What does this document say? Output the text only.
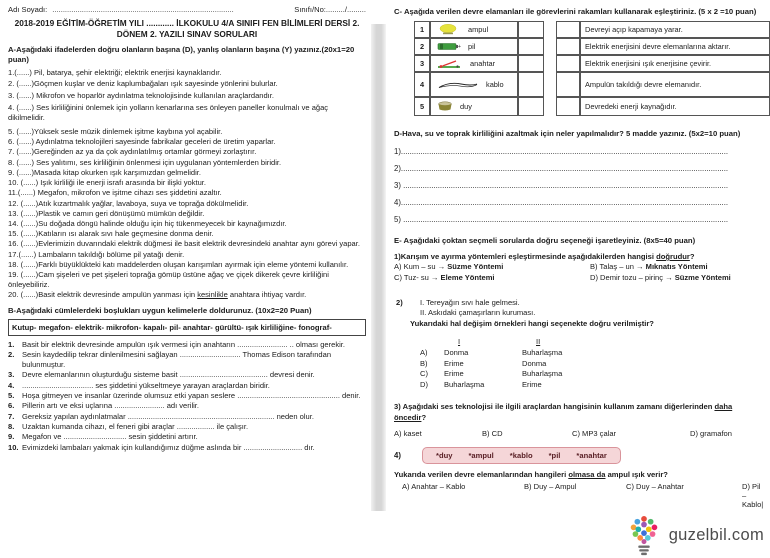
Adı Soyadı: ......................................................................................	Sınıfı/No: ........./.........
2018-2019 EĞİTİM-ÖĞRETİM YILI ............ İLKOKULU 4/A SINIFI FEN BİLİMLERİ DERSİ 2.
DÖNEM 2. YAZILI SINAV SORULARI
A-Aşağıdaki ifadelerden doğru olanların başına (D), yanlış olanların başına (Y) yazınız.(20x1=20 puan)
1.(......) Pil, batarya, şehir elektriği; elektrik enerjisi kaynaklarıdır.
2. (......)Göçmen kuşlar ve deniz kaplumbağaları ışık sayesinde yönlerini bulurlar.
3. (......) Mikrofon ve hoparlör aydınlatma teknolojisinde kullanılan araçlardandır.
4. (......) Ses kirliliğinini önlemek için yolların kenarlarına ses önleyen paneller konulmalı ve ağaç dikilmelidir.
5. (......)Yüksek sesle müzik dinlemek işitme kaybına yol açabilir.
6. (......) Aydınlatma teknolojileri sayesinde fabrikalar geceleri de üretim yaparlar.
7. (......)Gereğinden az ya da çok aydınlatılmış ortamlar görmeyi zorlaştırır.
8. (......) Ses yalıtımı, ses kirliliğinin önlenmesi için uygulanan yöntemlerden biridir.
9. (......)Masada kitap okurken ışık karşımızdan gelmelidir.
10. (......) Işık kirliliği ile enerji israfı arasında bir ilişki yoktur.
11.(......) Megafon, mikrofon ve işitme cihazı ses şiddetini azaltır.
12. (......)Atık kızartmalık yağlar, lavaboya, suya ve toprağa dökülmelidir.
13. (......)Plastik ve camın geri dönüşümü mümkün değildir.
14. (......)Su doğada döngü halinde olduğu için hiç tükenmeyecek bir kaynağımızdır.
15. (......)Katıların ısı alarak sıvı hale geçmesine donma denir.
16. (......)Evlerimizin duvarındaki elektrik düğmesi ile basit elektrik devresindeki anahtar aynı görevi yapar.
17.(......) Lambaların takıldığı bölüme pil yatağı denir.
18. (......)Farklı büyüklükteki katı maddelerden oluşan karışımları ayırmak için eleme yöntemi kullanılır.
19. (......)Cam şişeleri ve pet şişeleri toprağa gömüp üstüne ağaç ve çiçek dikerek çevre kirliliğini önleyebiliriz.
20. (......)Basit elektrik devresinde ampulün yanması için kesinlikle anahtara ihtiyaç vardır.
B-Aşağıdaki cümlelerdeki boşlukları uygun kelimelerle doldurunuz. (10x2=20 Puan)
Kutup- megafon- elektrik- mikrofon- kapalı- pil- anahtar- gürültü- ışık kirliliğine- fonograf-
1.	Basit bir elektrik devresinde ampulün ışık vermesi için anahtarın ........................ .. olması gerekir.
2.	Sesin kaydedilip tekrar dinlenilmesini sağlayan ............................. Thomas Edison tarafından bulunmuştur.
3.	Devre elemanlarının oluşturduğu sisteme basit .......................................... devresi denir.
4.	.................................. ses şiddetini yükseltmeye yarayan araçlardan biridir.
5.	Hoşa gitmeyen ve insanlar üzerinde olumsuz etki yapan seslere ................................................. denir.
6.	Pillerin artı ve eksi uçlarına ........................ adı verilir.
7.	Gereksiz yapılan aydınlatmalar ...................................................................... neden olur.
8.	Uzaktan kumanda cihazı, el feneri gibi araçlar .................. ile çalışır.
9.	Megafon ve .............................. sesin şiddetini artırır.
10. Evimizdeki lambaları yakmak için kullandığımız düğme aslında bir ............................ dır.
C- Aşağıda verilen devre elamanları ile görevlerini rakamları kullanarak eşleştiriniz. (5 x 2 =10 puan)
1	ampul	Devreyi açıp kapamaya yarar.
2	+ pil	Elektrik enerjisini devre elemanlarına aktarır.
3	anahtar	Elektrik enerjisini ışık enerjisine çevirir.
4	kablo	Ampulün takıldığı devre elemanıdır.
5	duy	Devredeki enerji kaynağıdır.
D-Hava, su ve toprak kirliliğini azaltmak için neler yapılmalıdır? 5 madde yazınız. (5x2=10 puan)
1).......................................................................................................................................................
2).......................................................................................................................................................
3) ......................................................................................................................................................
4).......................................................................................................................................................
5) ......................................................................................................................................................
E- Aşağıdaki çoktan seçmeli sorularda doğru seçeneği işaretleyiniz. (8x5=40 puan)
1)Karışım ve ayırma yöntemleri eşleştirmesinde aşağıdakilerden hangisi doğrudur?
A) Kum – su → Süzme Yöntemi	B) Talaş – un → Mıknatıs Yöntemi
C) Tuz- su → Eleme Yöntemi	D) Demir tozu – pirinç → Süzme Yöntemi
2)	I. Tereyağın sıvı hale gelmesi.
II. Askıdaki çamaşırların kuruması.
Yukarıdaki hal değişim örnekleri hangi seçenekte doğru verilmiştir?
I	II
A)	Donma	Buharlaşma
B)	Erime	Donma
C)	Erime	Buharlaşma
D)	Buharlaşma	Erime
3) Aşağıdaki ses teknolojisi ile ilgili araçlardan hangisinin kullanım zamanı diğerlerinden daha öncedir?
A) kaset	B) CD	C) MP3 çalar	D) gramafon
4)	*duy *ampul *kablo *pil *anahtar
Yukarıda verilen devre elemanlarından hangileri olmasa da ampul ışık verir?
A) Anahtar – Kablo	B) Duy – Ampul	C) Duy – Anahtar	D) Pil – Kablo|
guzelbil.com
